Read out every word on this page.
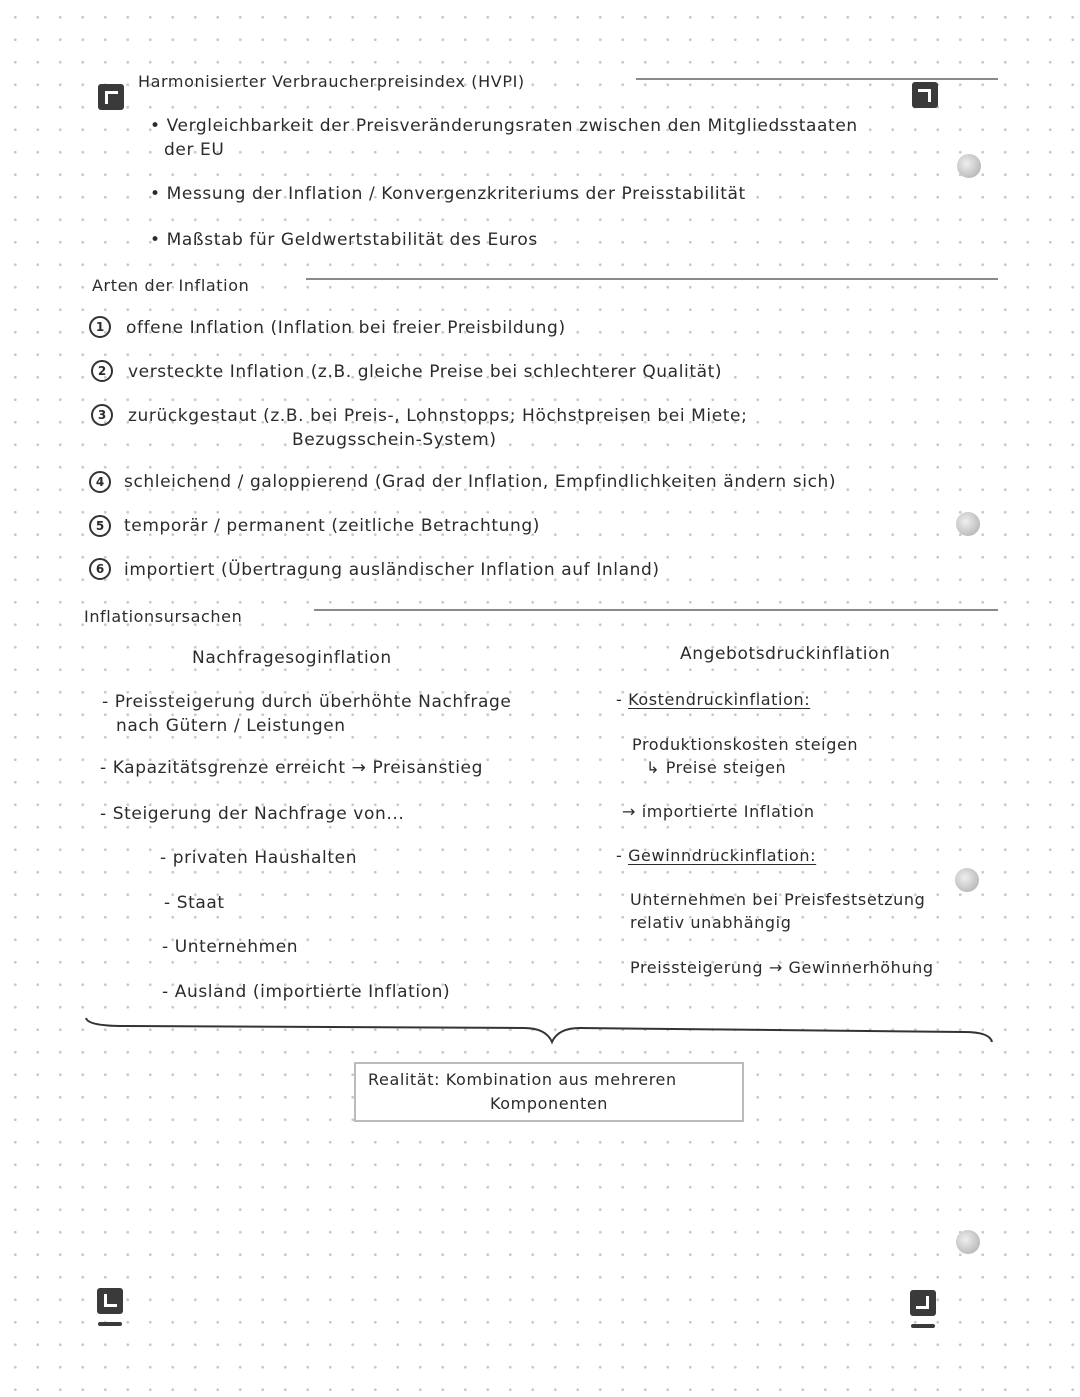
Harmonisierter Verbraucherpreisindex (HVPI)
• Vergleichbarkeit der Preisveränderungsraten zwischen den Mitgliedsstaaten
der EU
• Messung der Inflation / Konvergenzkriteriums der Preisstabilität
• Maßstab für Geldwertstabilität des Euros
Arten der Inflation
1	offene Inflation (Inflation bei freier Preisbildung)
2	versteckte Inflation (z.B. gleiche Preise bei schlechterer Qualität)
3	zurückgestaut (z.B. bei Preis-, Lohnstopps; Höchstpreisen bei Miete;
Bezugsschein-System)
4	schleichend / galoppierend (Grad der Inflation, Empfindlichkeiten ändern sich)
5	temporär / permanent (zeitliche Betrachtung)
6	importiert (Übertragung ausländischer Inflation auf Inland)
Inflationsursachen
Nachfragesoginflation
- Preissteigerung durch überhöhte Nachfrage
nach Gütern / Leistungen
- Kapazitätsgrenze erreicht → Preisanstieg
- Steigerung der Nachfrage von...
- privaten Haushalten
- Staat
- Unternehmen
- Ausland (importierte Inflation)
Angebotsdruckinflation
- Kostendruckinflation:
Produktionskosten steigen
↳ Preise steigen
→ importierte Inflation
- Gewinndruckinflation:
Unternehmen bei Preisfestsetzung
relativ unabhängig
Preissteigerung → Gewinnerhöhung
Realität: Kombination aus mehreren
Komponenten
